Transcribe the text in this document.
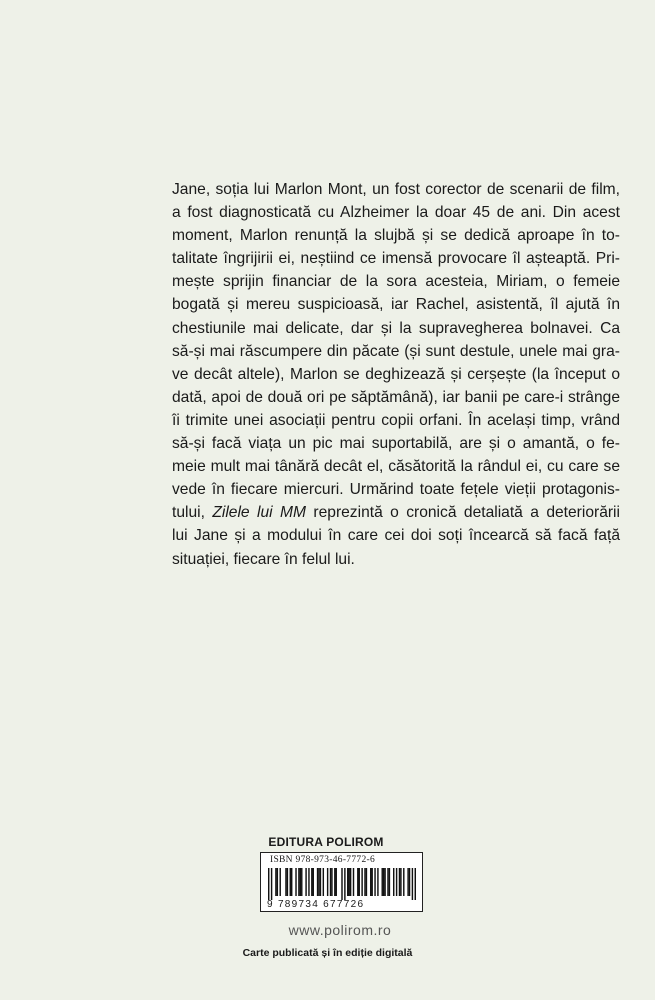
Jane, soția lui Marlon Mont, un fost corector de scenarii de film,
a fost diagnosticată cu Alzheimer la doar 45 de ani. Din acest
moment, Marlon renunță la slujbă și se dedică aproape în to-
talitate îngrijirii ei, neștiind ce imensă provocare îl așteaptă. Pri-
mește sprijin financiar de la sora acesteia, Miriam, o femeie
bogată și mereu suspicioasă, iar Rachel, asistentă, îl ajută în
chestiunile mai delicate, dar și la supravegherea bolnavei. Ca
să-și mai răscumpere din păcate (și sunt destule, unele mai gra-
ve decât altele), Marlon se deghizează și cerșește (la început o
dată, apoi de două ori pe săptămână), iar banii pe care-i strânge
îi trimite unei asociații pentru copii orfani. În același timp, vrând
să-și facă viața un pic mai suportabilă, are și o amantă, o fe-
meie mult mai tânără decât el, căsătorită la rândul ei, cu care se
vede în fiecare miercuri. Urmărind toate fețele vieții protagonis-
tului, Zilele lui MM reprezintă o cronică detaliată a deteriorării
lui Jane și a modului în care cei doi soți încearcă să facă față
situației, fiecare în felul lui.
EDITURA POLIROM
ISBN 978-973-46-7772-6
9 789734 677726
www.polirom.ro
Carte publicată și în ediție digitală
